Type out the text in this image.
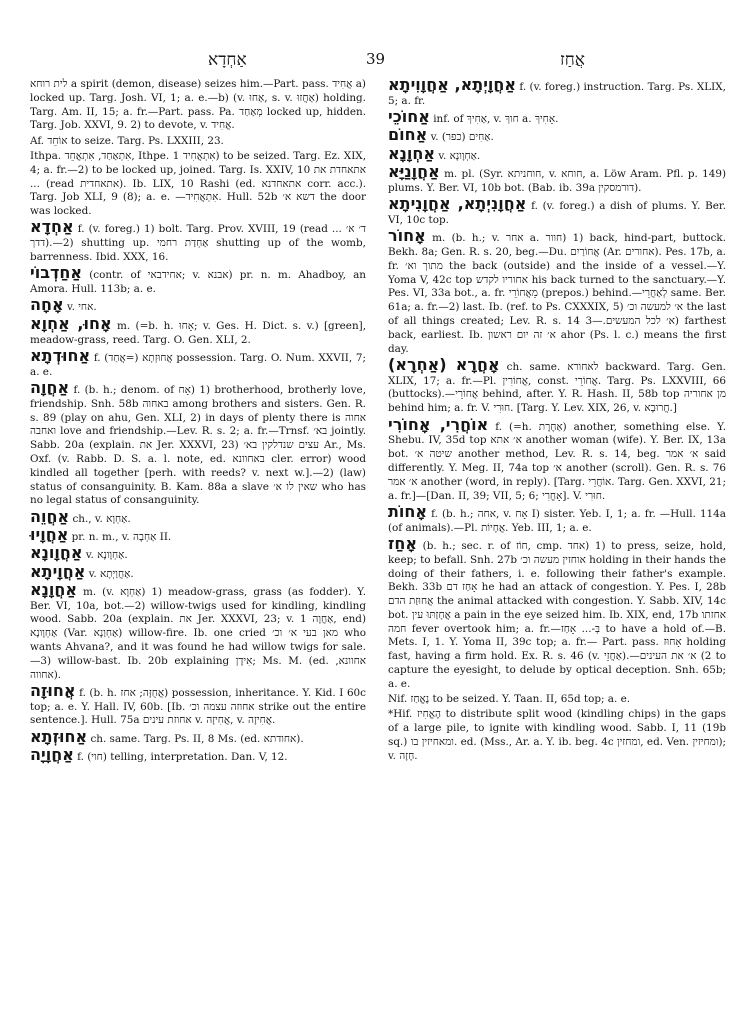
אַחְדָא	39	אֲחַז

לית רוחא a spirit (demon, disease) seizes him.—Part. pass. אֲחִיד a) locked up. Targ. Josh. VI, 1; a. e.—b) (v. אַחוּ, s. v. אַחֲזוּ) holding. Targ. Am. II, 15; a. fr.—Part. pass. Pa. מְאַחַד locked up, hidden. Targ. Job. XXVI, 9. 2) to devote, v. אֲחִיד.

Af. אוֹחֵד to seize. Targ. Ps. LXXIII, 23.

Ithpa. אִתְאַחַד, אִתְאֲחֵד, Ithpe. אִתְאֲחִיד 1) to be seized. Targ. Ez. XIX, 4; a. fr.—2) to be locked up, joined. Targ. Is. XXIV, 10 אתאחדת את ... (read אתאחדית). Ib. LIX, 10 Rashi (ed. אתאחדנא corr. acc.). Targ. Job XLI, 9 (8); a. e. —אִתְאֲחִיד. Hull. 52b דשא א׳ the door was locked.

אַחְדָא f. (v. foreg.) 1) bolt. Targ. Prov. XVIII, 19 (read ... ד׳ א׳ דדך).—2) shutting up. אַחְדַת רחמי shutting up of the womb, barrenness. Ibid. XXX, 16.

אַחַדְבוֹי (contr. of אחידבאי; v. אבנא) pr. n. m. Ahadboy, an Amora. Hull. 113b; a. e.

אָחָה v. אחי.

אָחוּ, אַחְוָא m. (=b. h. אָחוּ; v. Ges. H. Dict. s. v.) [green], meadow-grass, reed. Targ. O. Gen. XLI, 2.

אַחוּדְתָא f. (אֲחַד=) אֲחוּזְתָא possession. Targ. O. Num. XXVII, 7; a. e.

אַחֲוָה f. (b. h.; denom. of אָח) 1) brotherhood, brotherly love, friendship. Snh. 58b באחוה among brothers and sisters. Gen. R. s. 89 (play on ahu, Gen. XLI, 2) in days of plenty there is אחוה ואחבה love and friendship.—Lev. R. s. 2; a. fr.—Trnsf. בא׳ jointly. Sabb. 20a (explain. את Jer. XXXVI, 23) עצים שנדלקין בא׳ Ar., Ms. Oxf. (v. Rabb. D. S. a. l. note, ed. באחוונא cler. error) wood kindled all together [perh. with reeds? v. next w.].—2) (law) status of consanguinity. B. Kam. 88a a slave שאין לו א׳ who has no legal status of consanguinity.

אַחֲוֵה ch., v. אַחְוָא.

אַחֲוָיוּ pr. n. m., v. אַחְבָה II.

אַחֲוָונָא v. אַחְוָונָא.

אַחֲוָיתָא v. אַחֲוַיְתָא.

אַחֲוָנָא m. (v. אַחְוָא) 1) meadow-grass, grass (as fodder). Y. Ber. VI, 10a, bot.—2) willow-twigs used for kindling, kindling wood. Sabb. 20a (explain. את Jer. XXXVI, 23; v. אַחֲוָה 1, end) אַחְוָונָא (Var. אַחְוַנָא) willow-fire. Ib. one cried מאן בעי א׳ וכ׳ who wants Ahvana?, and it was found he had willow twigs for sale.—3) willow-bast. Ib. 20b explaining אִידָן; Ms. M. (ed. אחוונא, אחווה).

אֲחוּזָה f. (b. h. אֲחֻזָּה; אחז) possession, inheritance. Y. Kid. I 60c top; a. e. Y. Hall. IV, 60b. [Ib. אחוזה עצמה וכ׳ strike out the entire sentence.]. Hull. 75a אחוזת עינים v. אֲחִיזָה, v. אֲחִיזָה.

אַחוּזְתָא ch. same. Targ. Ps. II, 8 Ms. (ed. אחודתא).

אַחֲוָיָה f. (חוי) telling, interpretation. Dan. V, 12.

אַחֲוָיְתָא, אַחֲוָוִיתָא f. (v. foreg.) instruction. Targ. Ps. XLIX, 5; a. fr.

אַחוֹכֵי inf. of אַחִיךְ, v. חוךְ a. אָחִיךְ.

אַחוֹם v. אַחִים (כפר).

אַחְוָנָא v. אַחְוָונָא.

אַחֲוָנַיָּא m. pl. (Syr. חוחניתא, v. חוחא, a. Löw Aram. Pfl. p. 149) plums. Y. Ber. VI, 10b bot. (Bab. ib. 39a דורמסקין).

אַחֲוָנִיְתָא, אַחֲוָנִיתָא f. (v. foreg.) a dish of plums. Y. Ber. VI, 10c top.

אָחוֹר m. (b. h.; v. אחר a. חוור) 1) back, hind-part, buttock. Bekh. 8a; Gen. R. s. 20, beg.—Du. אֲחוֹרַיִם (Ar. אחורים). Pes. 17b, a. fr. מתוך וא׳ the back (outside) and the inside of a vessel.—Y. Yoma V, 42c top אחוריו לקדש his back turned to the sanctuary.—Y. Pes. VI, 33a bot., a. fr. מֵאֲחוֹרֵי (prepos.) behind.—לְאַחֲרֵי same. Ber. 61a; a. fr.—2) last. Ib. (ref. to Ps. CXXXIX, 5) א׳ למעשה וכ׳ the last of all things created; Lev. R. s. 14 א׳ לכל המעשים.—3) farthest back, earliest. Ib. א׳ זה יום ראשון ahor (Ps. l. c.) means the first day.

אָחֲרָא (אַחְרָא) ch. same. לאחורא backward. Targ. Gen. XLIX, 17; a. fr.—Pl. אֲחוֹרִין, const. אֲחוֹרֵי. Targ. Ps. LXXVIII, 66 (buttocks).—אֲחוֹרֵי behind, after. Y. R. Hash. II, 58b top מן אחוריה behind him; a. fr. V. חוּרִי. [Targ. Y. Lev. XIX, 26, v. חֲרוּבָא.]

אוֹחֲרִי, אָחוֹרִי f. (=h. אַחֶרֶת) another, something else. Y. Shebu. IV, 35d top א׳ אתא another woman (wife). Y. Ber. IX, 13a bot. שיטה א׳ another method, Lev. R. s. 14, beg. א׳ אמר said differently. Y. Meg. II, 74a top א׳ another (scroll). Gen. R. s. 76 א׳ אמר another (word, in reply). [Targ. אוֹחֲרֵי. Targ. Gen. XXVI, 21; a. fr.]—[Dan. II, 39; VII, 5; 6; אָחֳרִי]. V. חוּרִי.

אָחוֹת f. (b. h.; אחה, v. אָח I) sister. Yeb. I, 1; a. fr. —Hull. 114a (of animals).—Pl. אֲחָיוֹת. Yeb. III, 1; a. e.

אָחַז (b. h.; sec. r. of חוֹז, cmp. אחד) 1) to press, seize, hold, keep; to befall. Snh. 27b אוחזין מעשה וכ׳ holding in their hands the doing of their fathers, i. e. following their father's example. Bekh. 33b אָחַז דם he had an attack of congestion. Y. Pes. I, 28b אֲחוּזַת הדם the animal attacked with congestion. Y. Sabb. XIV, 14c bot. אֲחָזַתּוּ עין a pain in the eye seized him. Ib. XIX, end, 17b אחזתו חמה fever overtook him; a. fr.—בְּ-... אָחַז to have a hold of.—B. Mets. I, 1. Y. Yoma II, 39c top; a. fr.— Part. pass. אָחוּז holding fast, having a firm hold. Ex. R. s. 46 (v. אַחֲזֵי).—2) א׳ את העינים to capture the eyesight, to delude by optical deception. Snh. 65b; a. e.

Nif. נֶאֱחַז to be seized. Y. Taan. II, 65d top; a. e.

*Hif. הֶאֱחִיז to distribute split wood (kindling chips) in the gaps of a large pile, to ignite with kindling wood. Sabb. I, 11 (19b sq.) ומאחיזין בו. ed. (Mss., Ar. a. Y. ib. beg. 4c ומחזין, ed. Ven. ומחיזין); v. חָזָה.
